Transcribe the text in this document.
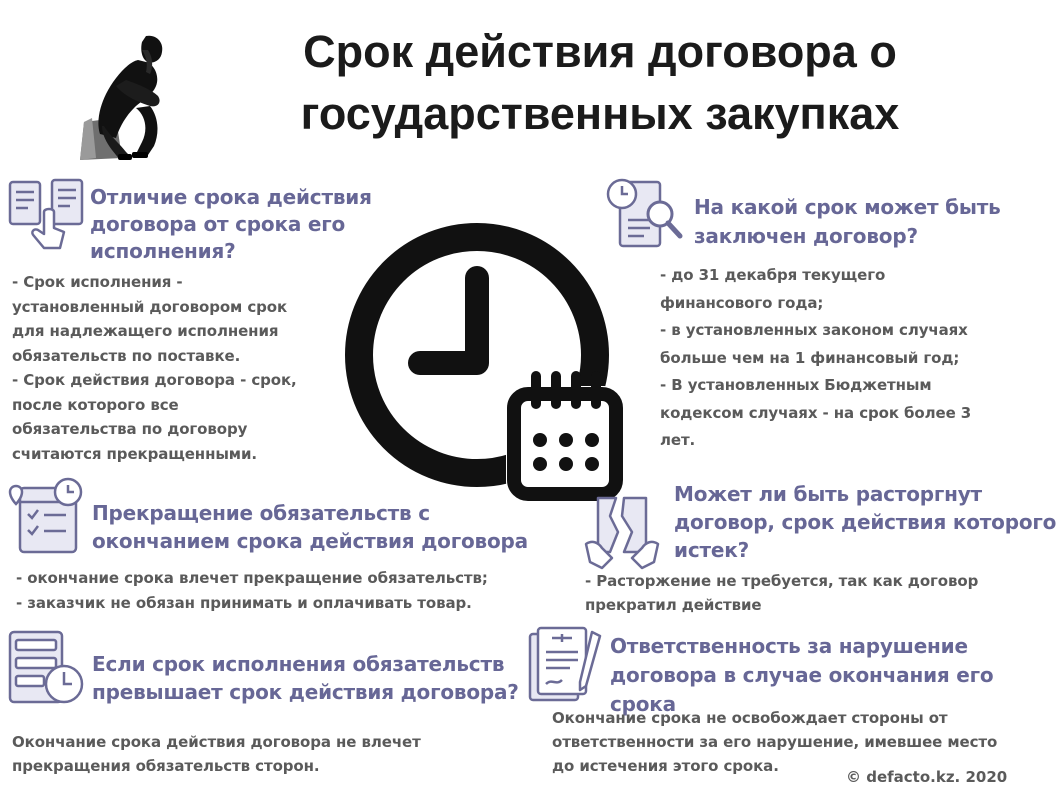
Срок действия договора о
государственных закупках
Отличие срока действия
договора от срока его
исполнения?
- Срок исполнения -
установленный договором срок
для надлежащего исполнения
обязательств по поставке.
- Срок действия договора - срок,
после которого все
обязательства по договору
считаются прекращенными.
На какой срок может быть
заключен договор?
- до 31 декабря текущего
финансового года;
- в установленных законом случаях
больше чем на 1 финансовый год;
- В установленных Бюджетным
кодексом случаях - на срок более 3
лет.
Прекращение обязательств с
окончанием срока действия договора
- окончание срока влечет прекращение обязательств;
- заказчик не обязан принимать и оплачивать товар.
Может ли быть расторгнут
договор, срок действия которого
истек?
- Расторжение не требуется, так как договор
прекратил действие
Если срок исполнения обязательств
превышает срок действия договора?
Окончание срока действия договора не влечет
прекращения обязательств сторон.
Ответственность за нарушение
договора в случае окончания его срока
Окончание срока не освобождает стороны от
ответственности за его нарушение, имевшее место
до истечения этого срока.
© defacto.kz. 2020
